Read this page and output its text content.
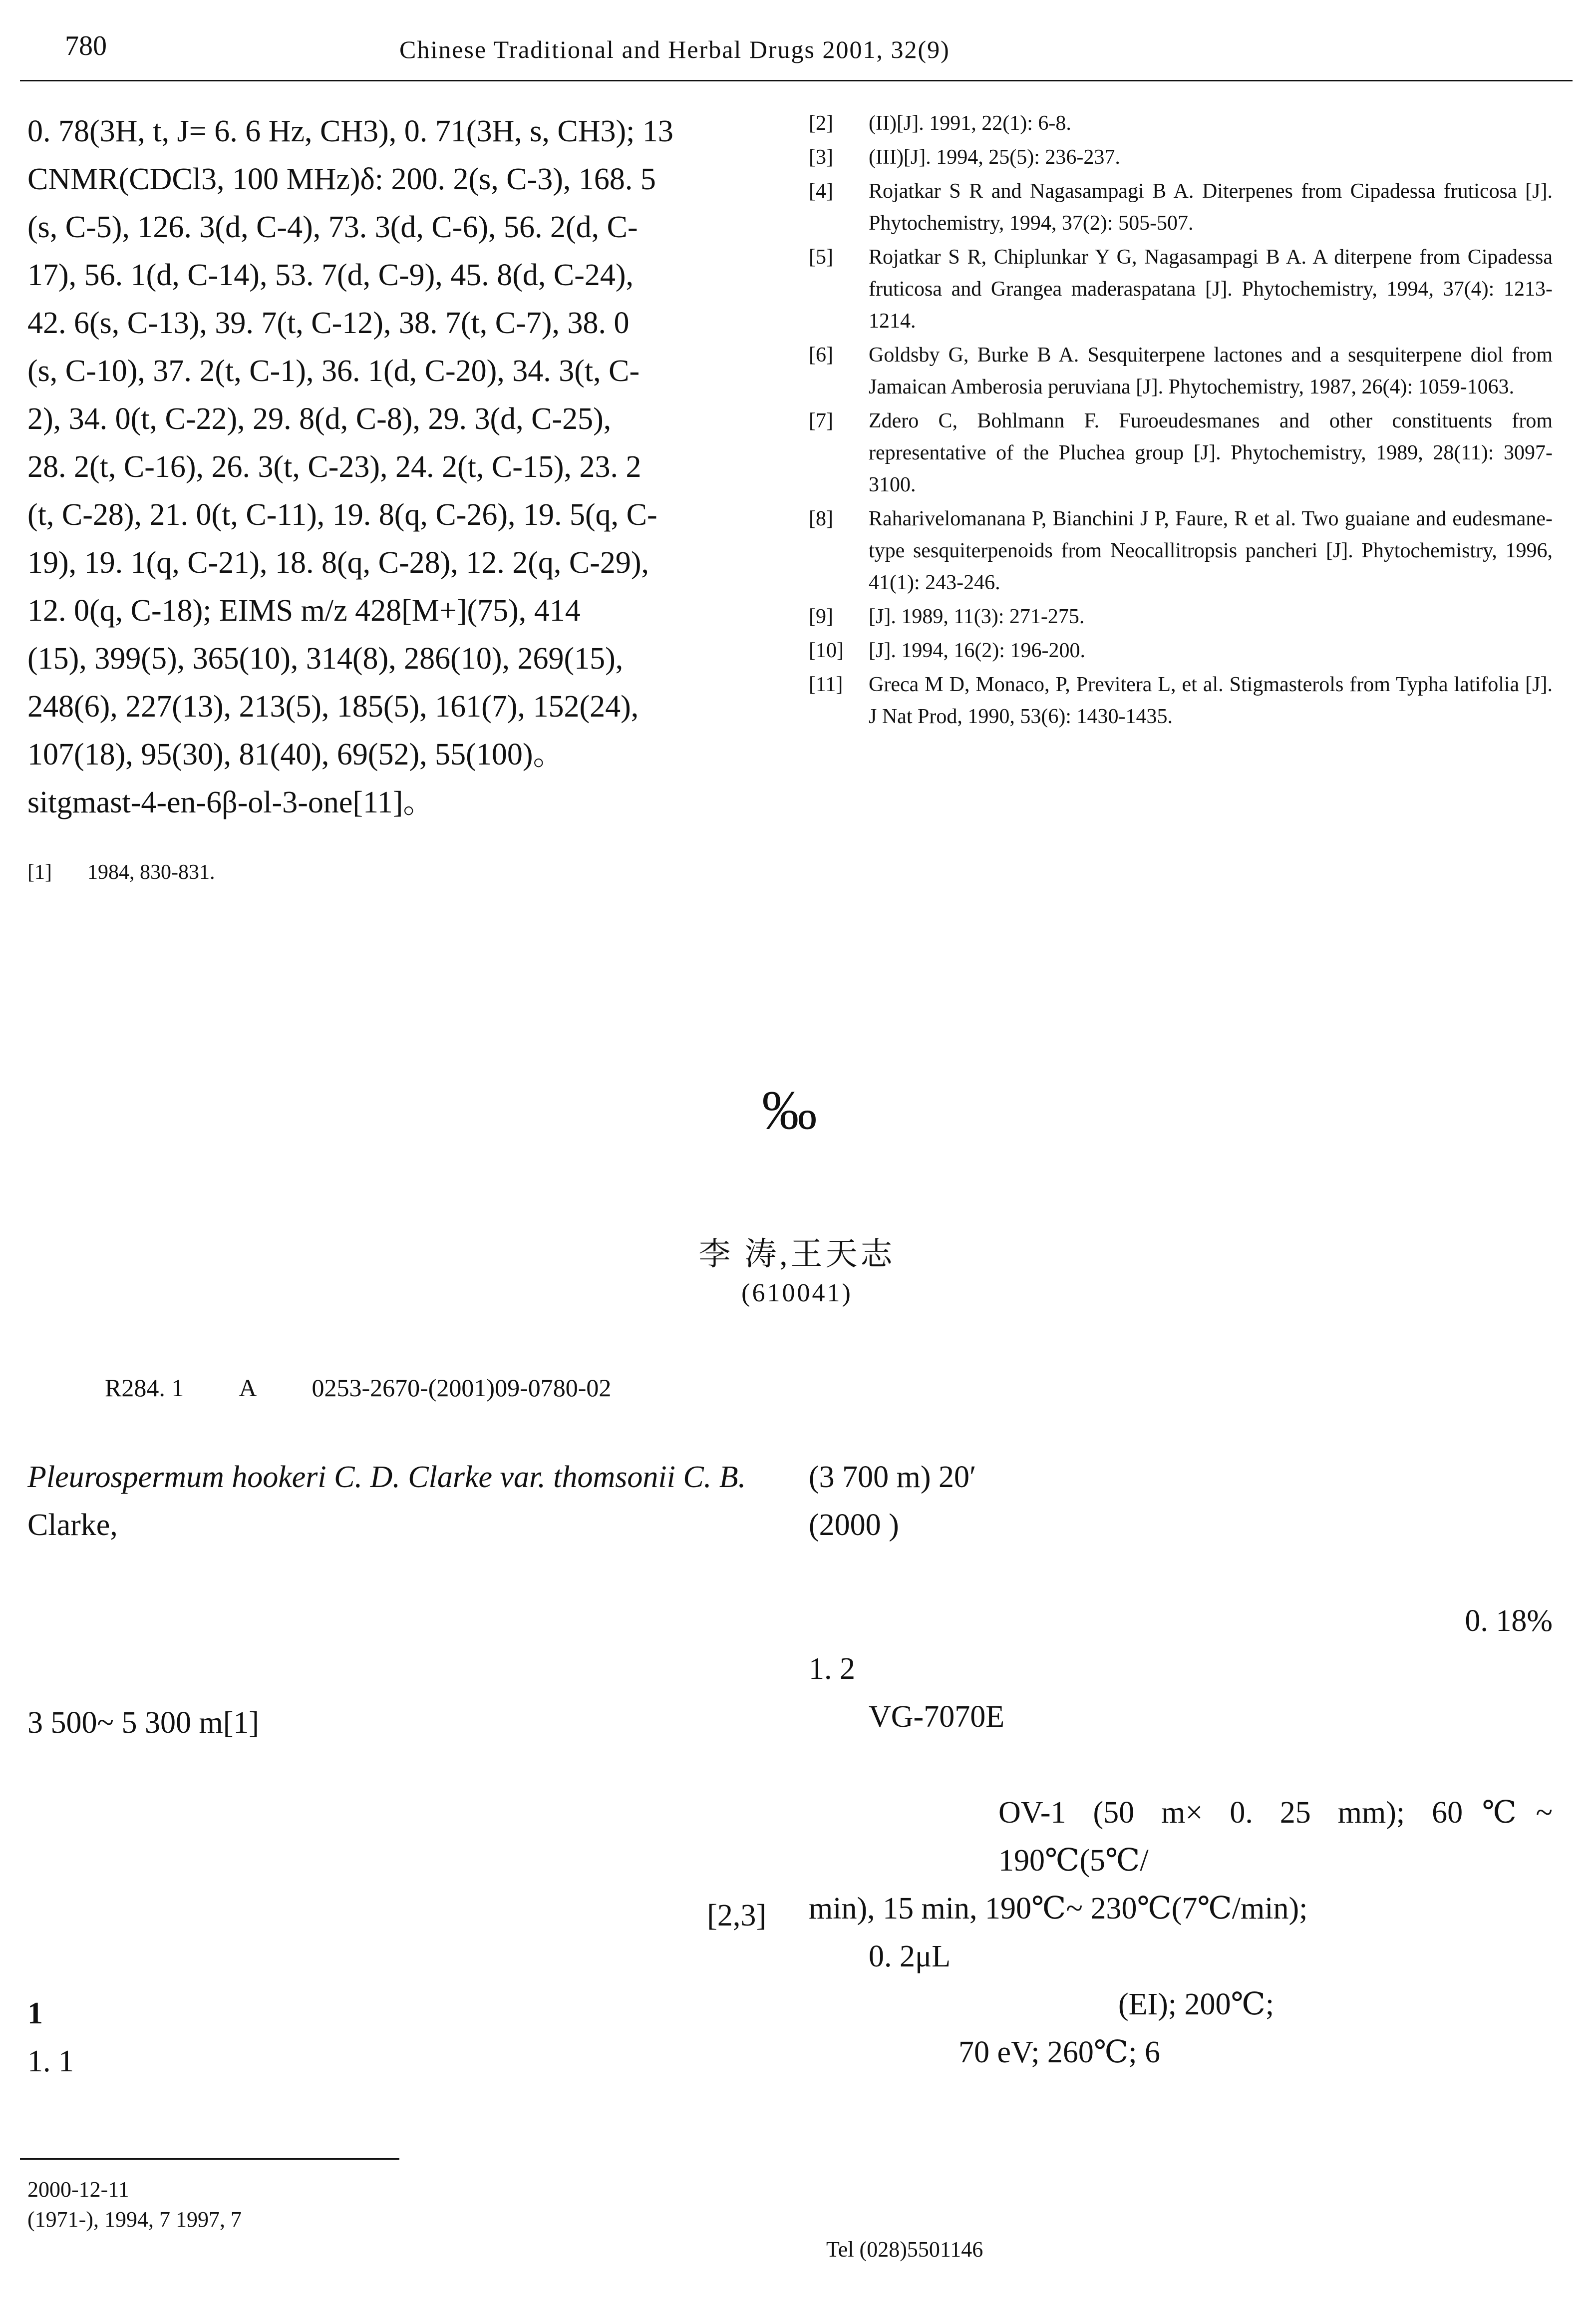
780	Chinese Traditional and Herbal Drugs 2001, 32(9)

0. 78(3H, t, J= 6. 6 Hz, CH3), 0. 71(3H, s, CH3); 13

CNMR(CDCl3, 100 MHz)δ: 200. 2(s, C-3), 168. 5

(s, C-5), 126. 3(d, C-4), 73. 3(d, C-6), 56. 2(d, C-

17), 56. 1(d, C-14), 53. 7(d, C-9), 45. 8(d, C-24),

42. 6(s, C-13), 39. 7(t, C-12), 38. 7(t, C-7), 38. 0

(s, C-10), 37. 2(t, C-1), 36. 1(d, C-20), 34. 3(t, C-

2), 34. 0(t, C-22), 29. 8(d, C-8), 29. 3(d, C-25),

28. 2(t, C-16), 26. 3(t, C-23), 24. 2(t, C-15), 23. 2

(t, C-28), 21. 0(t, C-11), 19. 8(q, C-26), 19. 5(q, C-

19), 19. 1(q, C-21), 18. 8(q, C-28), 12. 2(q, C-29),

12. 0(q, C-18); EIMS m/z 428[M+](75), 414

(15), 399(5), 365(10), 314(8), 286(10), 269(15),

248(6), 227(13), 213(5), 185(5), 161(7), 152(24),

107(18), 95(30), 81(40), 69(52), 55(100)。

sitgmast-4-en-6β-ol-3-one[11]。

[1]	1984, 830-831.
[2]	(II)[J]. 1991, 22(1): 6-8.
[3]	(III)[J]. 1994, 25(5): 236-237.
[4]	Rojatkar S R and Nagasampagi B A. Diterpenes from Cipadessa fruticosa [J]. Phytochemistry, 1994, 37(2): 505-507.
[5]	Rojatkar S R, Chiplunkar Y G, Nagasampagi B A. A diterpene from Cipadessa fruticosa and Grangea maderaspatana [J]. Phytochemistry, 1994, 37(4): 1213-1214.
[6]	Goldsby G, Burke B A. Sesquiterpene lactones and a sesquiterpene diol from Jamaican Amberosia peruviana [J]. Phytochemistry, 1987, 26(4): 1059-1063.
[7]	Zdero C, Bohlmann F. Furoeudesmanes and other constituents from representative of the Pluchea group [J]. Phytochemistry, 1989, 28(11): 3097-3100.
[8]	Raharivelomanana P, Bianchini J P, Faure, R et al. Two guaiane and eudesmane-type sesquiterpenoids from Neocallitropsis pancheri [J]. Phytochemistry, 1996, 41(1): 243-246.
[9]	[J]. 1989, 11(3): 271-275.
[10]	[J]. 1994, 16(2): 196-200.
[11]	Greca M D, Monaco, P, Previtera L, et al. Stigmasterols from Typha latifolia [J]. J Nat Prod, 1990, 53(6): 1430-1435.
‰
李 涛,王天志
(610041)
R284. 1 A 0253-2670-(2001)09-0780-02

Pleurospermum hookeri C. D. Clarke var. thomsonii C. B.

Clarke,

3 500~ 5 300 m[1]

[2,3]

1

1. 1

(3 700 m) 20′

(2000 )

0. 18%

1. 2

VG-7070E

OV-1 (50 m× 0. 25 mm); 60℃~ 190℃(5℃/

min), 15 min, 190℃~ 230℃(7℃/min);

0. 2μL

(EI); 200℃;

70 eV; 260℃; 6

2000-12-11

(1971-), 1994, 7 1997, 7

Tel (028)5501146
